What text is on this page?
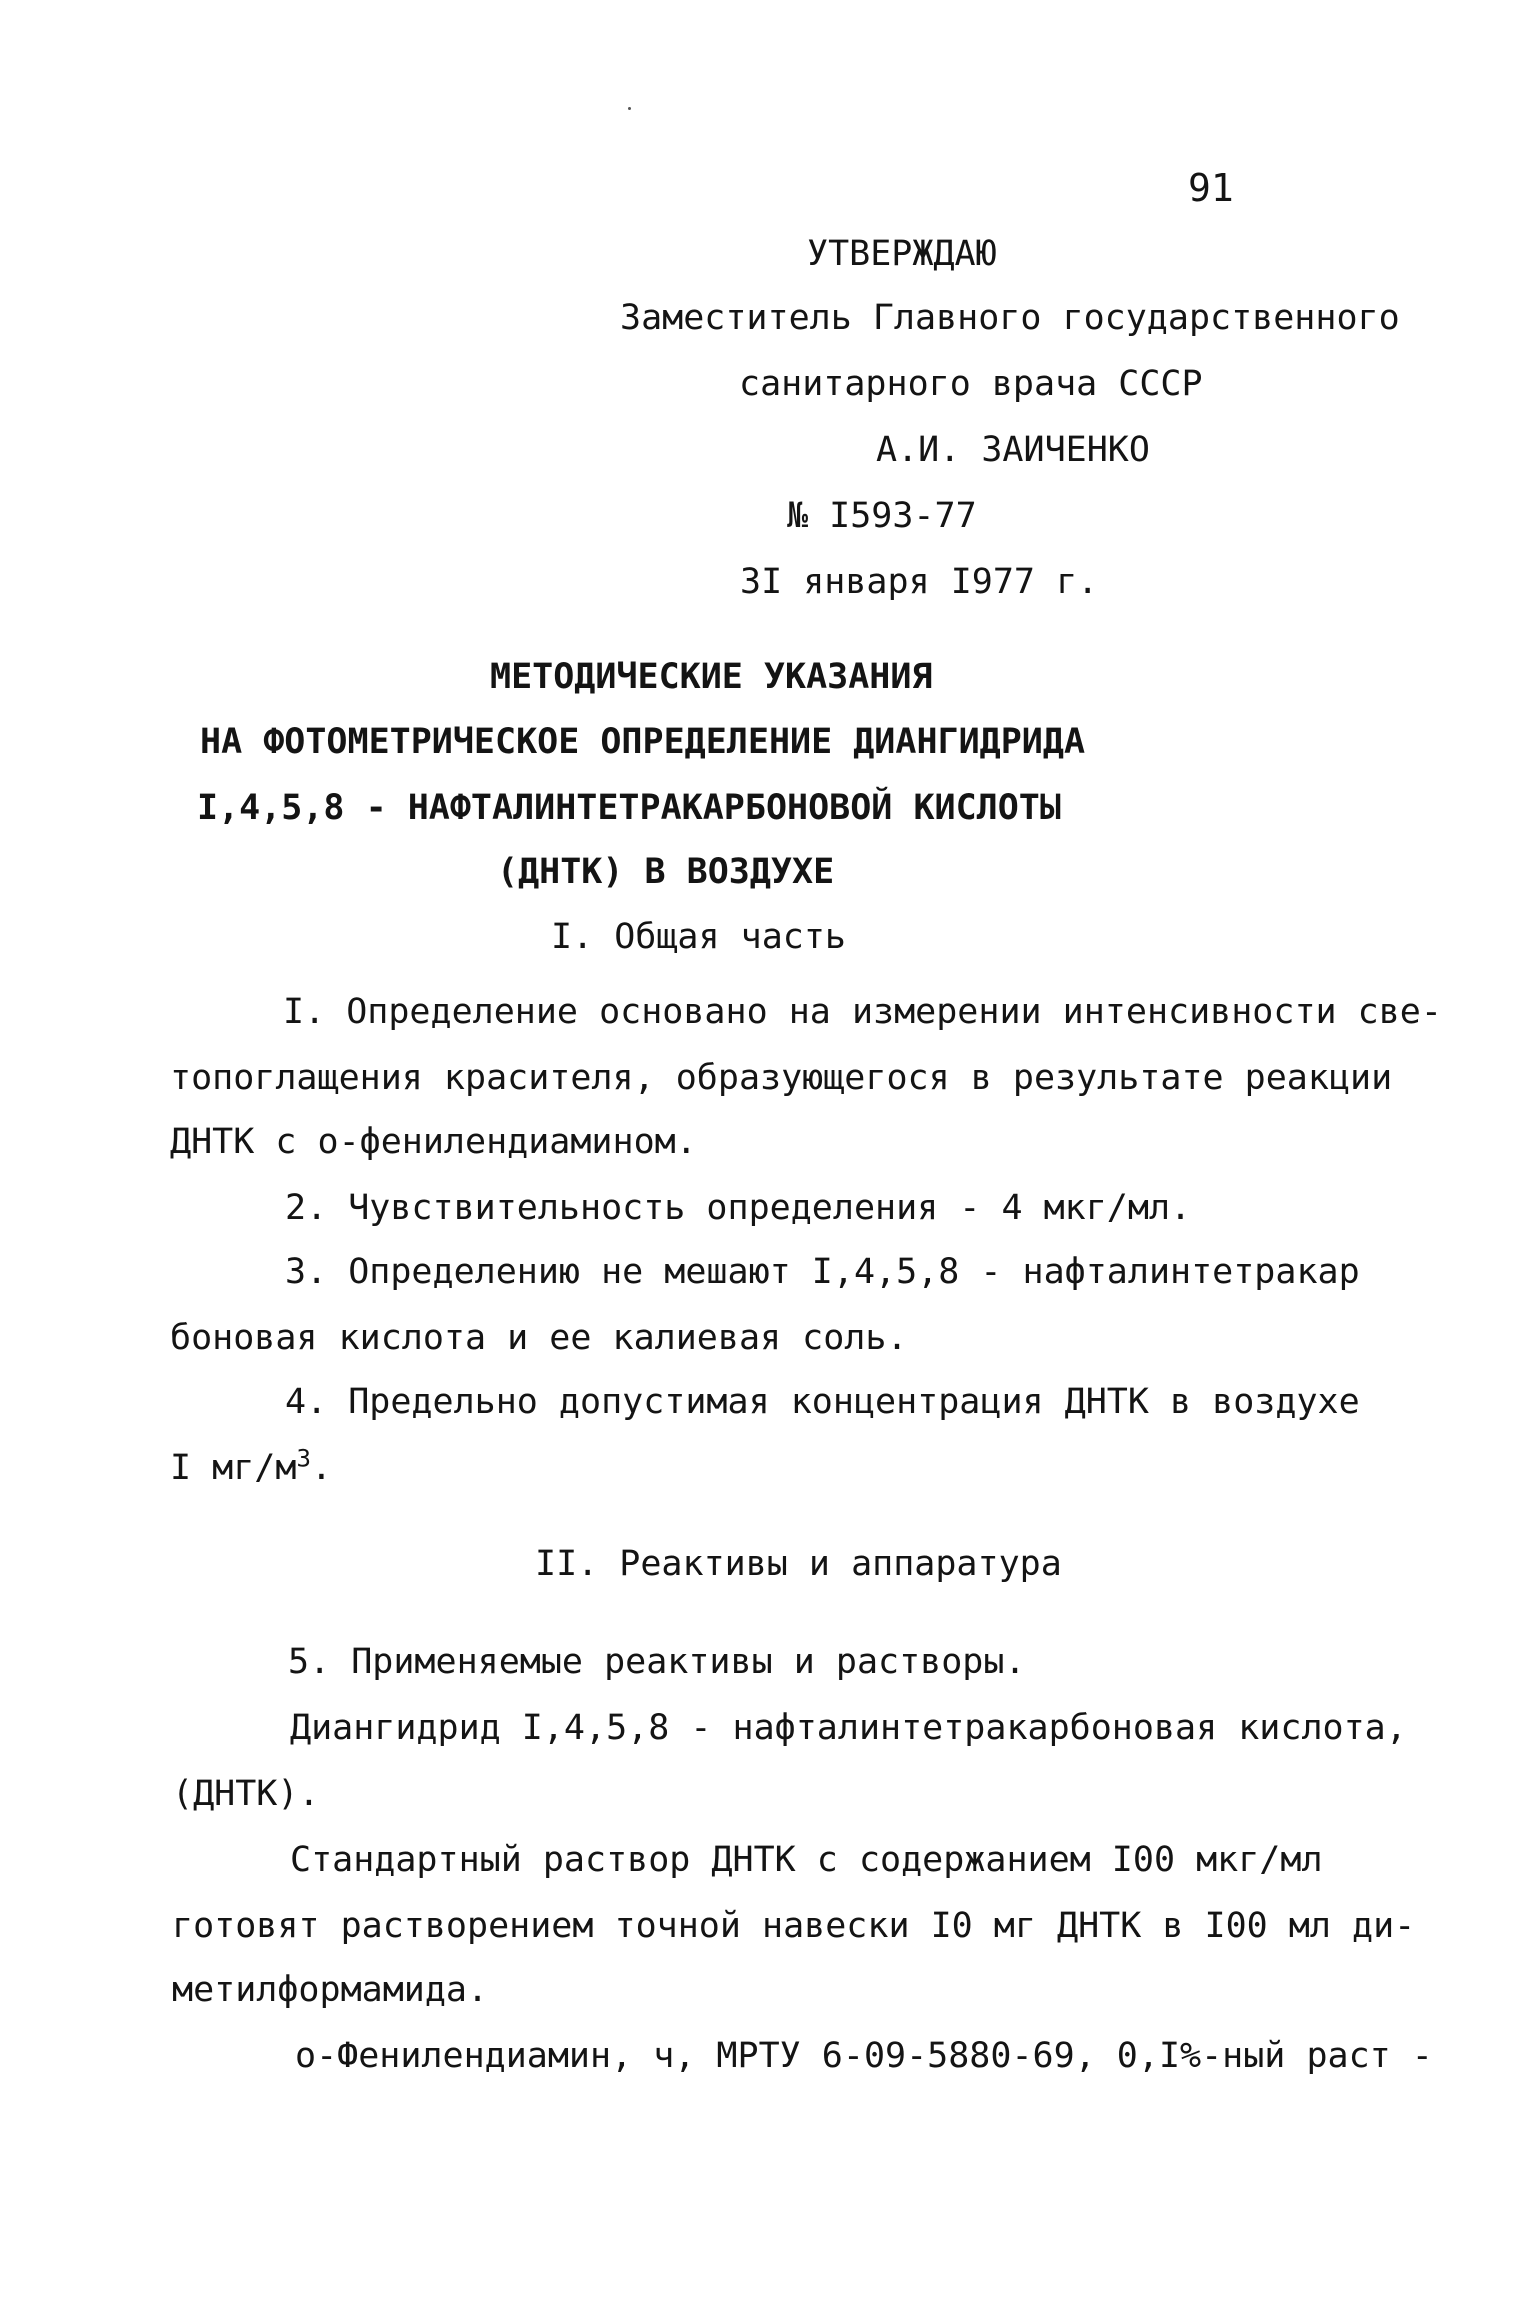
91
УТВЕРЖДАЮ
Заместитель Главного государственного
санитарного врача СССР
А.И. ЗАИЧЕНКО
№ I593-77
3I января I977 г.
МЕТОДИЧЕСКИЕ УКАЗАНИЯ
НА ФОТОМЕТРИЧЕСКОЕ ОПРЕДЕЛЕНИЕ ДИАНГИДРИДА
I,4,5,8 - НАФТАЛИНТЕТРАКАРБОНОВОЙ КИСЛОТЫ
(ДНТК) В ВОЗДУХЕ
I. Общая часть
I. Определение основано на измерении интенсивности све-
топоглащения красителя, образующегося в результате реакции
ДНТК с о-фенилендиамином.
2. Чувствительность определения - 4 мкг/мл.
3. Определению не мешают I,4,5,8 - нафталинтетракар
боновая кислота и ее калиевая соль.
4. Предельно допустимая концентрация ДНТК в воздухе
I $мг/м^3$.
II. Реактивы и аппаратура
5. Применяемые реактивы и растворы.
Диангидрид I,4,5,8 - нафталинтетракарбоновая кислота,
(ДНТК).
Стандартный раствор ДНТК с содержанием I00 мкг/мл
готовят растворением точной навески I0 мг ДНТК в I00 мл ди-
метилформамида.
о-Фенилендиамин, ч, МРТУ 6-09-5880-69, 0,I%-ный раст -
